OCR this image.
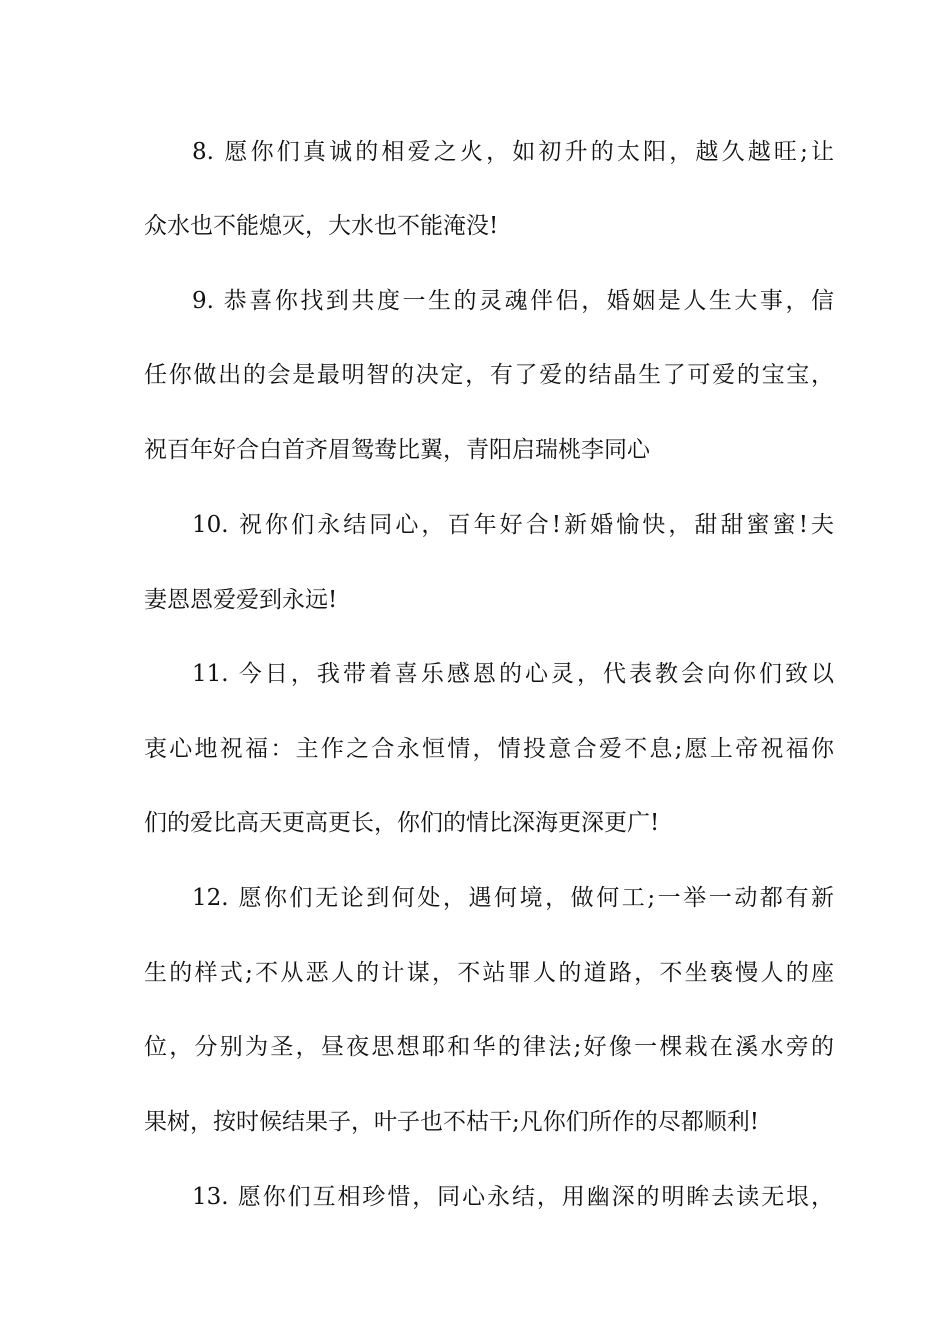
8. 愿你们真诚的相爱之火，如初升的太阳，越久越旺;让
众水也不能熄灭，大水也不能淹没!
9. 恭喜你找到共度一生的灵魂伴侣，婚姻是人生大事，信
任你做出的会是最明智的决定，有了爱的结晶生了可爱的宝宝，
祝百年好合白首齐眉鸳鸯比翼，青阳启瑞桃李同心
10. 祝你们永结同心，百年好合!新婚愉快，甜甜蜜蜜!夫
妻恩恩爱爱到永远!
11. 今日，我带着喜乐感恩的心灵，代表教会向你们致以
衷心地祝福：主作之合永恒情，情投意合爱不息;愿上帝祝福你
们的爱比高天更高更长，你们的情比深海更深更广!
12. 愿你们无论到何处，遇何境，做何工;一举一动都有新
生的样式;不从恶人的计谋，不站罪人的道路，不坐亵慢人的座
位，分别为圣，昼夜思想耶和华的律法;好像一棵栽在溪水旁的
果树，按时候结果子，叶子也不枯干;凡你们所作的尽都顺利!
13. 愿你们互相珍惜，同心永结，用幽深的明眸去读无垠，
